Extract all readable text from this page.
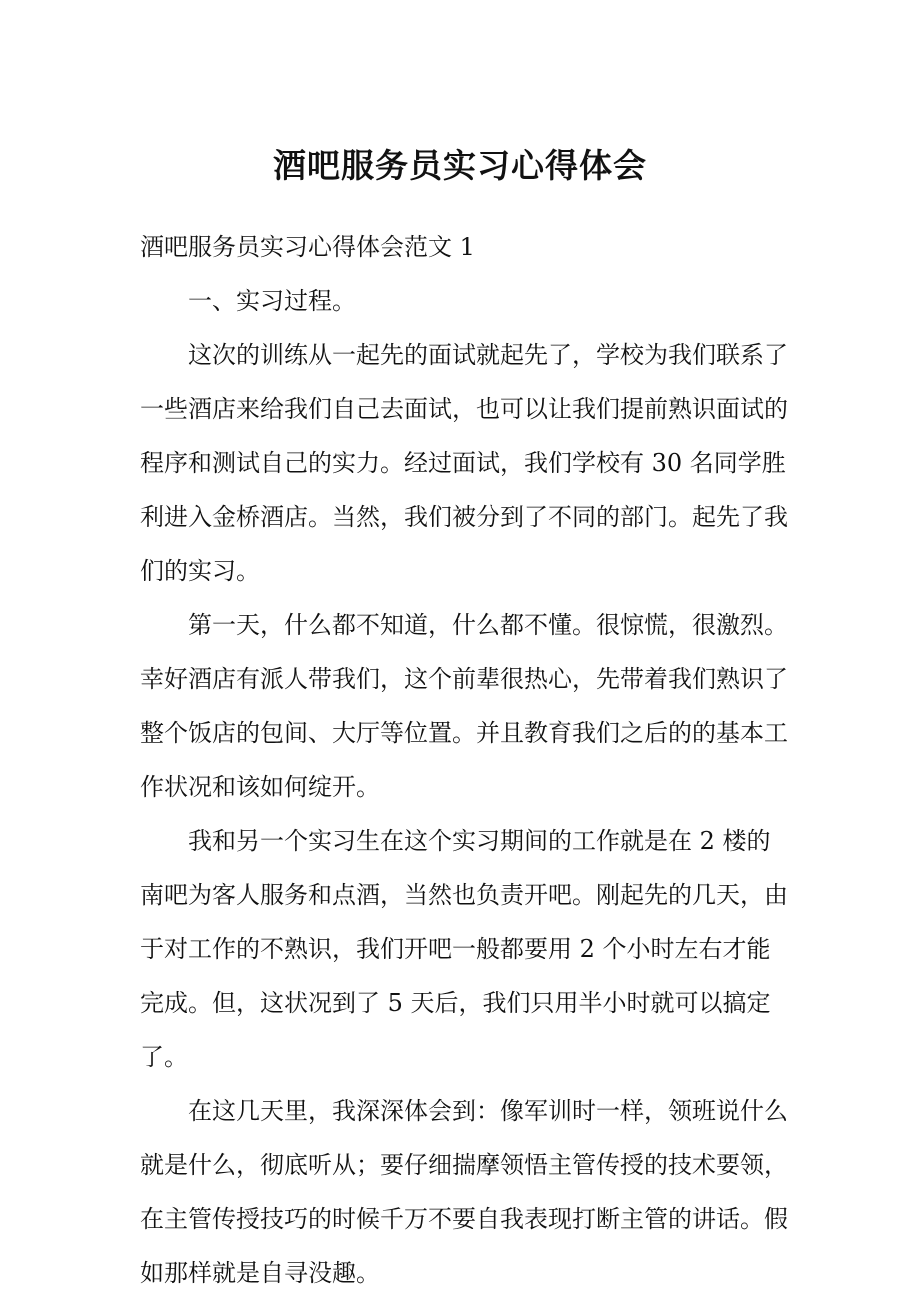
酒吧服务员实习心得体会

酒吧服务员实习心得体会范文 1

一、实习过程。

这次的训练从一起先的面试就起先了，学校为我们联系了一些酒店来给我们自己去面试，也可以让我们提前熟识面试的程序和测试自己的实力。经过面试，我们学校有 30 名同学胜利进入金桥酒店。当然，我们被分到了不同的部门。起先了我们的实习。

第一天，什么都不知道，什么都不懂。很惊慌，很激烈。幸好酒店有派人带我们，这个前辈很热心，先带着我们熟识了整个饭店的包间、大厅等位置。并且教育我们之后的的基本工作状况和该如何绽开。

我和另一个实习生在这个实习期间的工作就是在 2 楼的南吧为客人服务和点酒，当然也负责开吧。刚起先的几天，由于对工作的不熟识，我们开吧一般都要用 2 个小时左右才能完成。但，这状况到了 5 天后，我们只用半小时就可以搞定了。

在这几天里，我深深体会到：像军训时一样，领班说什么就是什么，彻底听从；要仔细揣摩领悟主管传授的技术要领，在主管传授技巧的时候千万不要自我表现打断主管的讲话。假如那样就是自寻没趣。
